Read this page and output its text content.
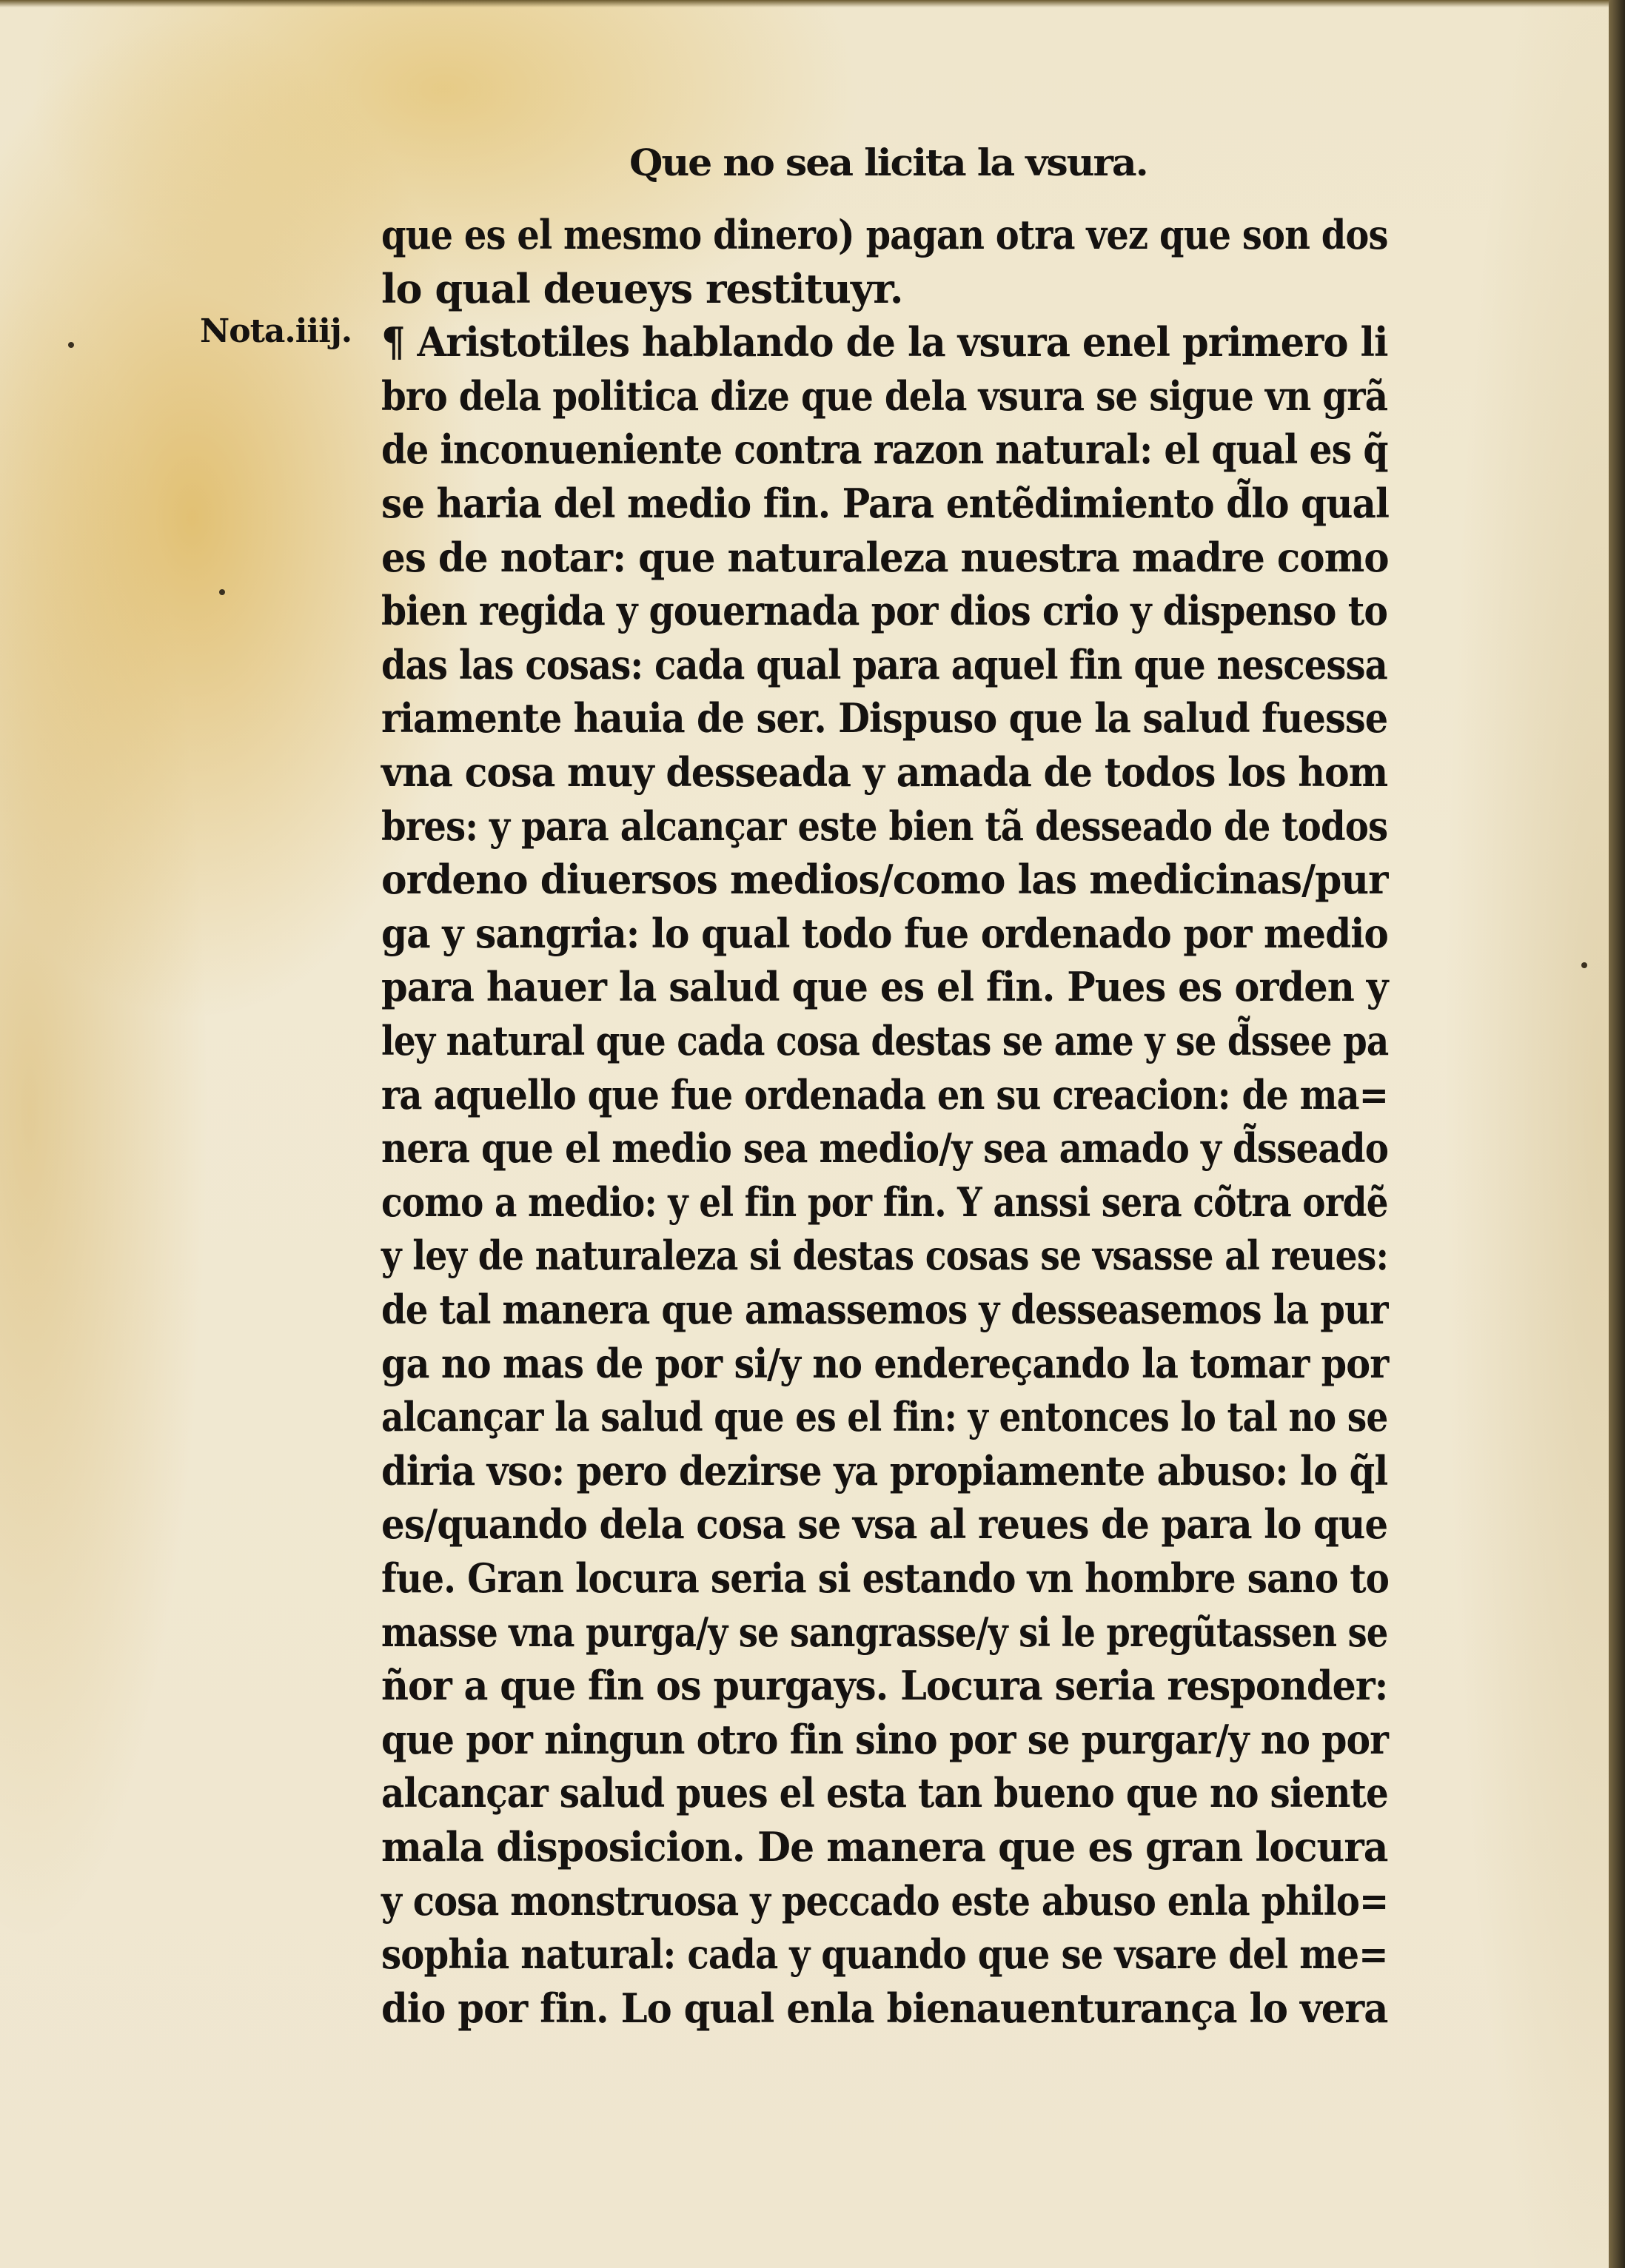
Que no sea licita la vsura.
Nota.iiij.
que es el mesmo dinero) pagan otra vez que son dos
lo qual deueys restituyr.
¶ Aristotiles hablando de la vsura enel primero li
bro dela politica dize que dela vsura se sigue vn grã
de inconueniente contra razon natural: el qual es q̃
se haria del medio fin. Para entẽdimiento d̃lo qual
es de notar: que naturaleza nuestra madre como
bien regida y gouernada por dios crio y dispenso to
das las cosas: cada qual para aquel fin que nescessa
riamente hauia de ser. Dispuso que la salud fuesse
vna cosa muy desseada y amada de todos los hom
bres: y para alcançar este bien tã desseado de todos
ordeno diuersos medios/como las medicinas/pur
ga y sangria: lo qual todo fue ordenado por medio
para hauer la salud que es el fin. Pues es orden y
ley natural que cada cosa destas se ame y se d̃ssee pa
ra aquello que fue ordenada en su creacion: de ma=
nera que el medio sea medio/y sea amado y d̃sseado
como a medio: y el fin por fin. Y anssi sera cõtra ordẽ
y ley de naturaleza si destas cosas se vsasse al reues:
de tal manera que amassemos y desseasemos la pur
ga no mas de por si/y no endereçando la tomar por
alcançar la salud que es el fin: y entonces lo tal no se
diria vso: pero dezirse ya propiamente abuso: lo q̃l
es/quando dela cosa se vsa al reues de para lo que
fue. Gran locura seria si estando vn hombre sano to
masse vna purga/y se sangrasse/y si le pregũtassen se
ñor a que fin os purgays. Locura seria responder:
que por ningun otro fin sino por se purgar/y no por
alcançar salud pues el esta tan bueno que no siente
mala disposicion. De manera que es gran locura
y cosa monstruosa y peccado este abuso enla philo=
sophia natural: cada y quando que se vsare del me=
dio por fin. Lo qual enla bienauenturança lo vera
